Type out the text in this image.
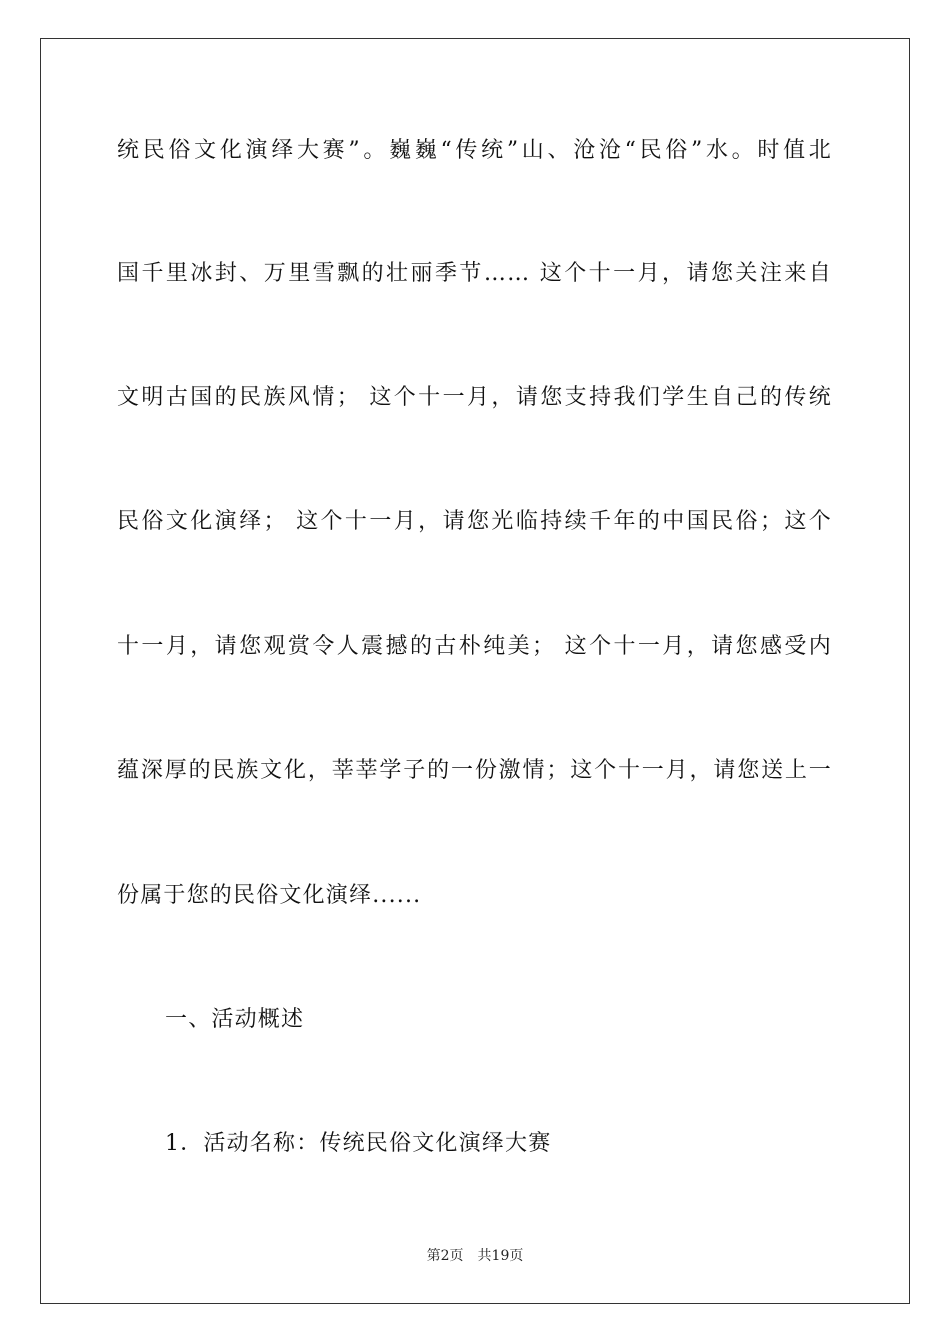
统民俗文化演绎大赛”。巍巍“传统”山、沧沧“民俗”水。时值北
国千里冰封、万里雪飘的壮丽季节…… 这个十一月，请您关注来自
文明古国的民族风情； 这个十一月，请您支持我们学生自己的传统
民俗文化演绎； 这个十一月，请您光临持续千年的中国民俗；这个
十一月，请您观赏令人震撼的古朴纯美； 这个十一月，请您感受内
蕴深厚的民族文化，莘莘学子的一份激情；这个十一月，请您送上一
份属于您的民俗文化演绎......
一、活动概述
1．活动名称：传统民俗文化演绎大赛
第2页 共19页
